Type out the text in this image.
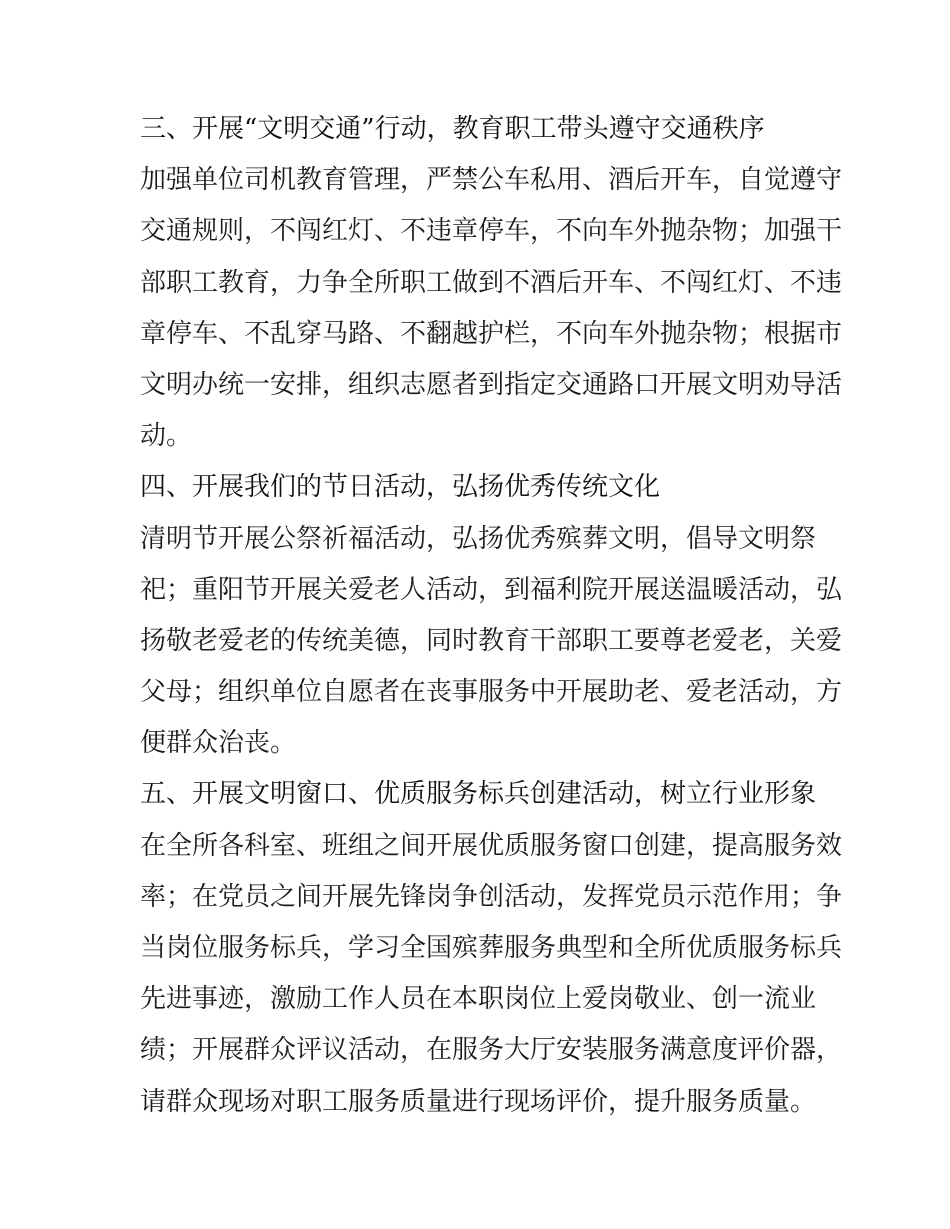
三、开展“文明交通”行动，教育职工带头遵守交通秩序
加强单位司机教育管理，严禁公车私用、酒后开车，自觉遵守
交通规则，不闯红灯、不违章停车，不向车外抛杂物；加强干
部职工教育，力争全所职工做到不酒后开车、不闯红灯、不违
章停车、不乱穿马路、不翻越护栏，不向车外抛杂物；根据市
文明办统一安排，组织志愿者到指定交通路口开展文明劝导活
动。
四、开展我们的节日活动，弘扬优秀传统文化
清明节开展公祭祈福活动，弘扬优秀殡葬文明，倡导文明祭
祀；重阳节开展关爱老人活动，到福利院开展送温暖活动，弘
扬敬老爱老的传统美德，同时教育干部职工要尊老爱老，关爱
父母；组织单位自愿者在丧事服务中开展助老、爱老活动，方
便群众治丧。
五、开展文明窗口、优质服务标兵创建活动，树立行业形象
在全所各科室、班组之间开展优质服务窗口创建，提高服务效
率；在党员之间开展先锋岗争创活动，发挥党员示范作用；争
当岗位服务标兵，学习全国殡葬服务典型和全所优质服务标兵
先进事迹，激励工作人员在本职岗位上爱岗敬业、创一流业
绩；开展群众评议活动，在服务大厅安装服务满意度评价器，
请群众现场对职工服务质量进行现场评价，提升服务质量。
